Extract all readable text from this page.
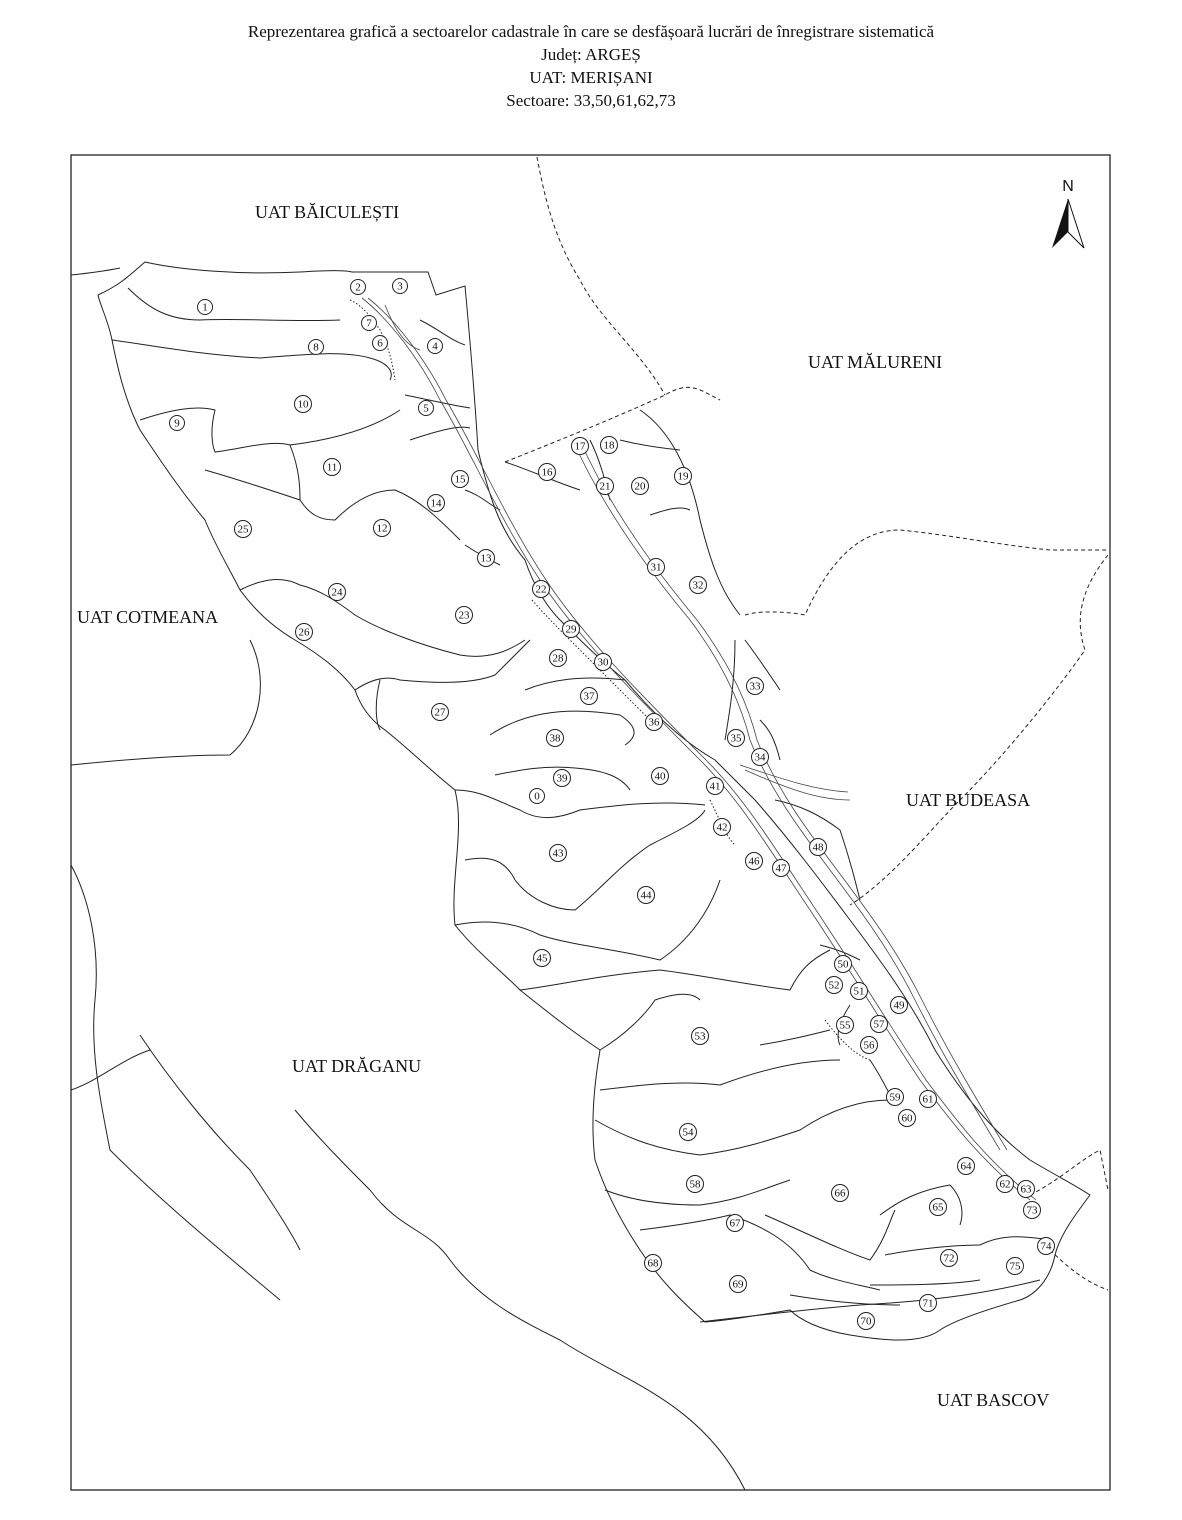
Reprezentarea grafică a sectoarelor cadastrale în care se desfășoară lucrări de înregistrare sistematică
Județ: ARGEȘ
UAT: MERIȘANI
Sectoare: 33,50,61,62,73
N
UAT BĂICULEȘTI
UAT MĂLURENI
UAT COTMEANA
UAT BUDEASA
UAT DRĂGANU
UAT BASCOV
1
2	3
4
5
6
7
8
9
10
11
12
13
14
15
16
17 18
19
20
21
22
23
24
25
26
27
28
29
30
31
32
33
34
35
36
37
38
39
0
40
41
42
43
44
45
46
47
48
49
50
51
52
53
54
55
56
57
58
59
60
61
62 63
64
65
66
67
68
69
70
71
72
73
74
75
